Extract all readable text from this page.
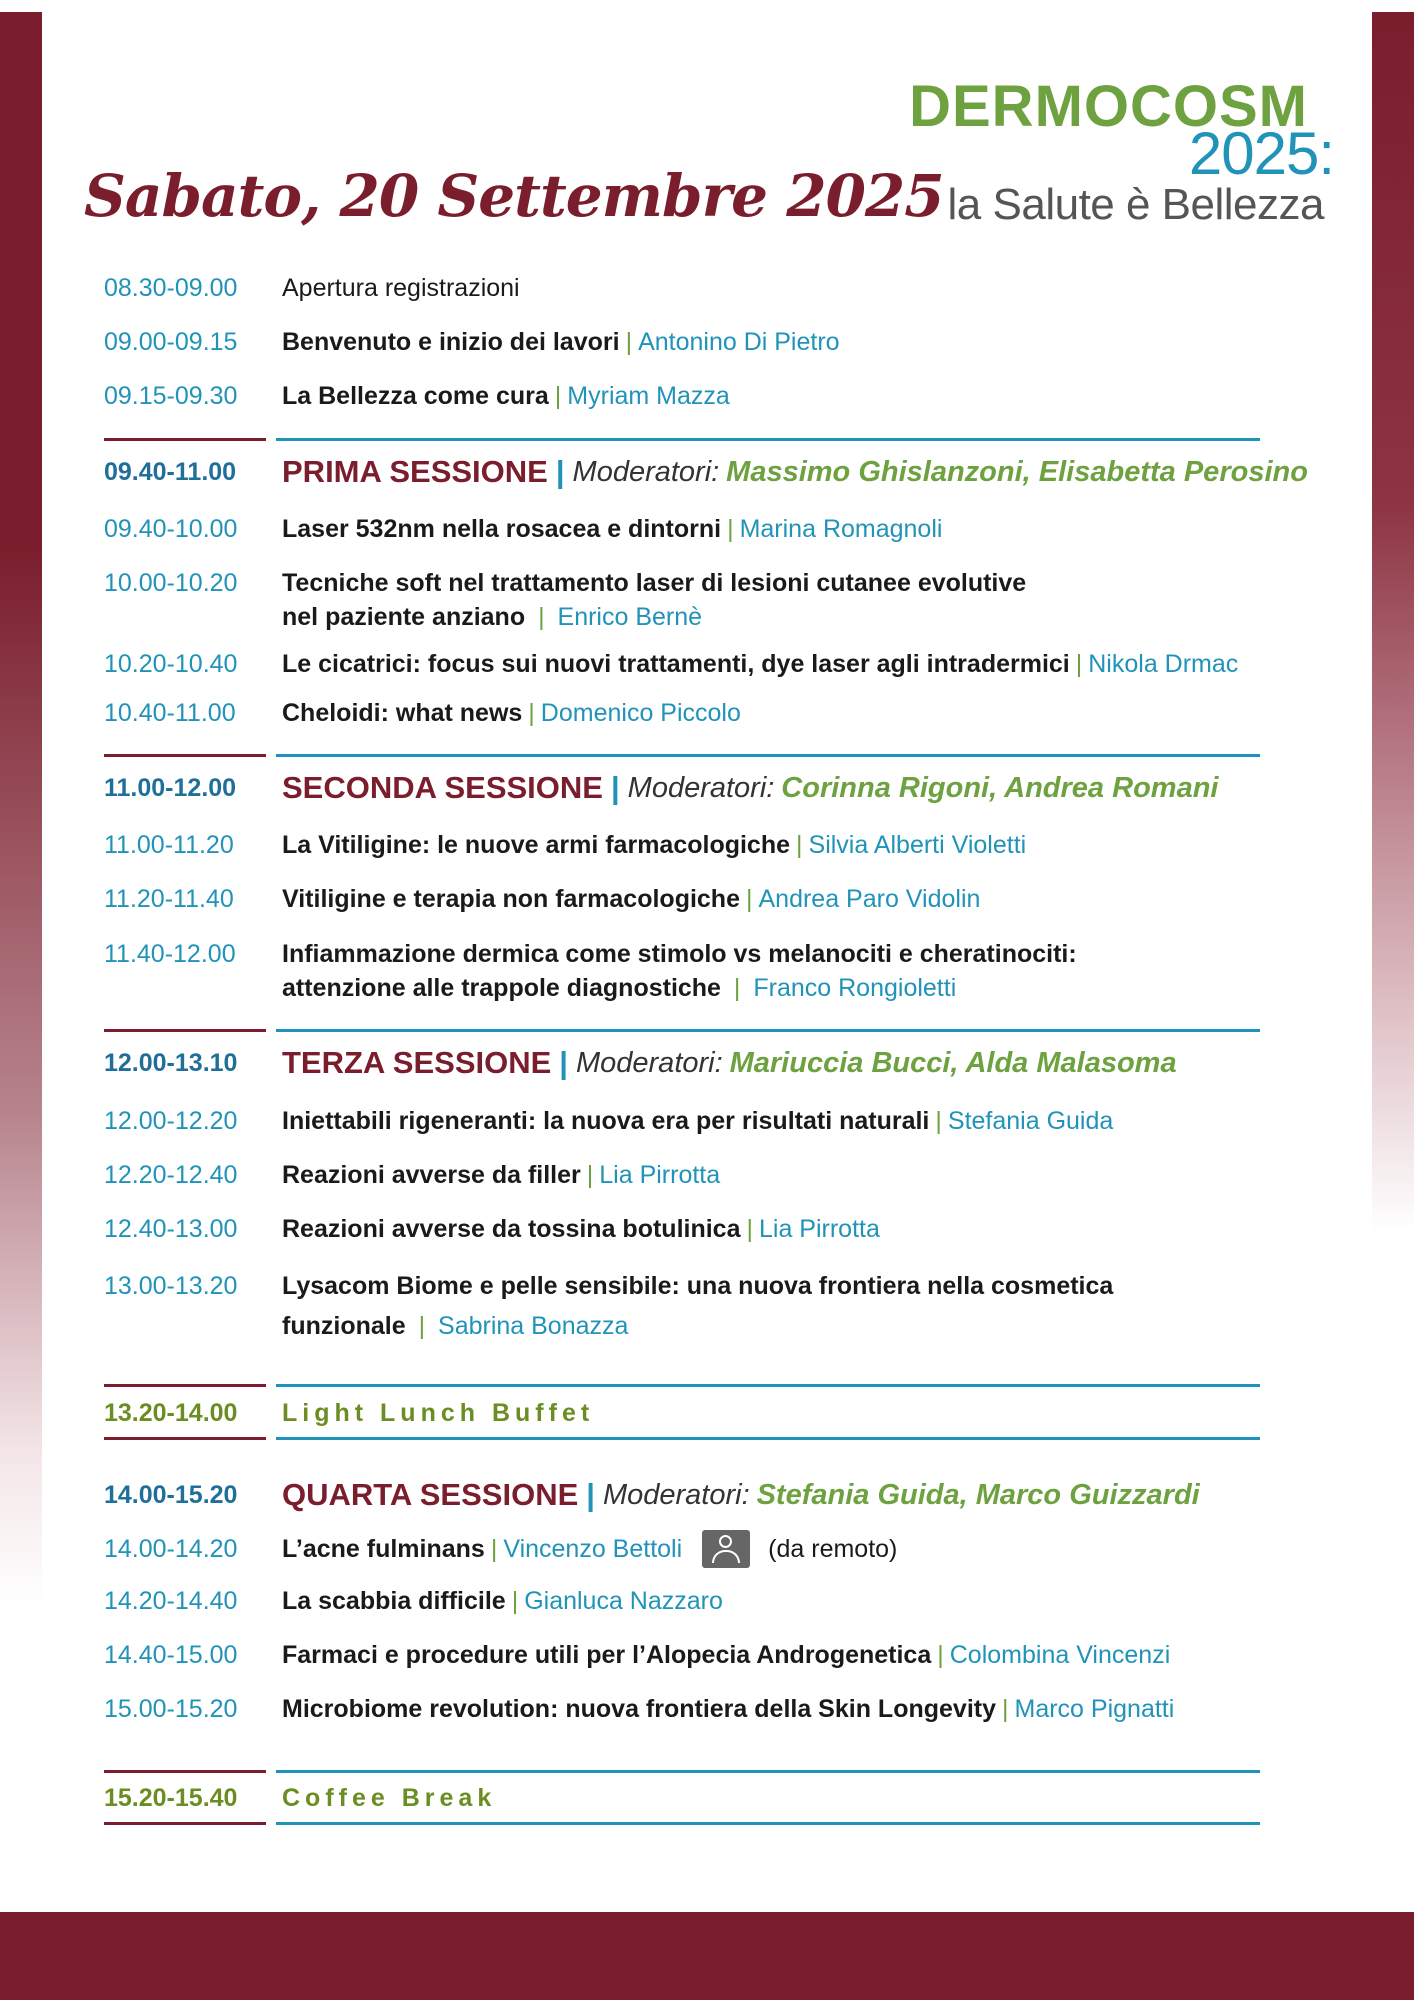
Sabato, 20 Settembre 2025
DERMOCOSM
2025:
la Salute è Bellezza
08.30-09.00	Apertura registrazioni
09.00-09.15	Benvenuto e inizio dei lavori | Antonino Di Pietro
09.15-09.30	La Bellezza come cura | Myriam Mazza
09.40-11.00	PRIMA SESSIONE | Moderatori:
Massimo Ghislanzoni, Elisabetta Perosino
09.40-10.00	Laser 532nm nella rosacea e dintorni | Marina Romagnoli
10.00-10.20	Tecniche soft nel trattamento laser di lesioni cutanee evolutive
nel paziente anziano | Enrico Bernè
10.20-10.40	Le cicatrici: focus sui nuovi trattamenti, dye laser agli intradermici | Nikola Drmac
10.40-11.00	Cheloidi: what news | Domenico Piccolo
11.00-12.00	SECONDA SESSIONE | Moderatori:
Corinna Rigoni, Andrea Romani
11.00-11.20	La Vitiligine: le nuove armi farmacologiche | Silvia Alberti Violetti
11.20-11.40	Vitiligine e terapia non farmacologiche | Andrea Paro Vidolin
11.40-12.00	Infiammazione dermica come stimolo vs melanociti e cheratinociti:
attenzione alle trappole diagnostiche | Franco Rongioletti
12.00-13.10	TERZA SESSIONE | Moderatori:
Mariuccia Bucci, Alda Malasoma
12.00-12.20	Iniettabili rigeneranti: la nuova era per risultati naturali | Stefania Guida
12.20-12.40	Reazioni avverse da filler | Lia Pirrotta
12.40-13.00	Reazioni avverse da tossina botulinica | Lia Pirrotta
13.00-13.20	Lysacom Biome e pelle sensibile: una nuova frontiera nella cosmetica
funzionale | Sabrina Bonazza
13.20-14.00	Light Lunch Buffet
14.00-15.20	QUARTA SESSIONE | Moderatori:
Stefania Guida, Marco Guizzardi
14.00-14.20	L’acne fulminans | Vincenzo Bettoli	(da remoto)
14.20-14.40	La scabbia difficile | Gianluca Nazzaro
14.40-15.00	Farmaci e procedure utili per l’Alopecia Androgenetica | Colombina Vincenzi
15.00-15.20	Microbiome revolution: nuova frontiera della Skin Longevity | Marco Pignatti
15.20-15.40	Coffee Break
